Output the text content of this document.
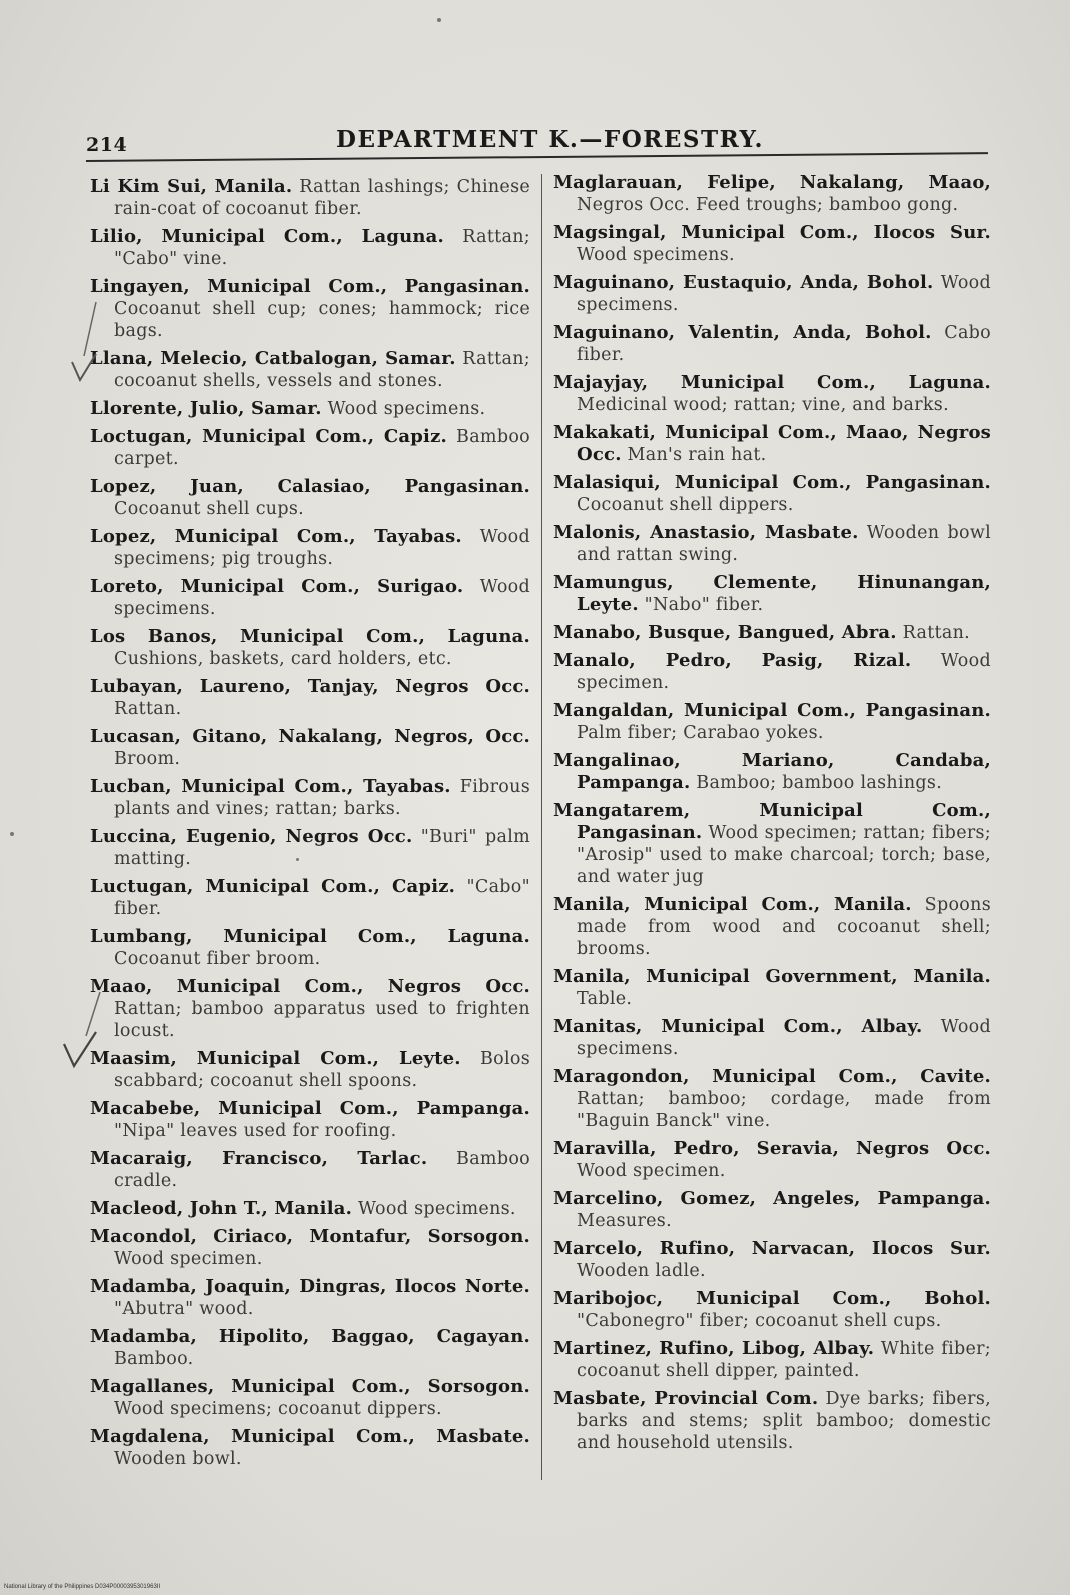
214	DEPARTMENT K.—FORESTRY.

Li Kim Sui, Manila. Rattan lashings; Chinese rain-coat of cocoanut fiber.

Lilio, Municipal Com., Laguna. Rattan; "Cabo" vine.

Lingayen, Municipal Com., Pangasinan. Cocoanut shell cup; cones; hammock; rice bags.

Llana, Melecio, Catbalogan, Samar. Rattan; cocoanut shells, vessels and stones.

Llorente, Julio, Samar. Wood specimens.

Loctugan, Municipal Com., Capiz. Bamboo carpet.

Lopez, Juan, Calasiao, Pangasinan. Cocoanut shell cups.

Lopez, Municipal Com., Tayabas. Wood specimens; pig troughs.

Loreto, Municipal Com., Surigao. Wood specimens.

Los Banos, Municipal Com., Laguna. Cushions, baskets, card holders, etc.

Lubayan, Laureno, Tanjay, Negros Occ. Rattan.

Lucasan, Gitano, Nakalang, Negros, Occ. Broom.

Lucban, Municipal Com., Tayabas. Fibrous plants and vines; rattan; barks.

Luccina, Eugenio, Negros Occ. "Buri" palm matting.

Luctugan, Municipal Com., Capiz. "Cabo" fiber.

Lumbang, Municipal Com., Laguna. Cocoanut fiber broom.

Maao, Municipal Com., Negros Occ. Rattan; bamboo apparatus used to frighten locust.

Maasim, Municipal Com., Leyte. Bolos scabbard; cocoanut shell spoons.

Macabebe, Municipal Com., Pampanga. "Nipa" leaves used for roofing.

Macaraig, Francisco, Tarlac. Bamboo cradle.

Macleod, John T., Manila. Wood specimens.

Macondol, Ciriaco, Montafur, Sorsogon. Wood specimen.

Madamba, Joaquin, Dingras, Ilocos Norte. "Abutra" wood.

Madamba, Hipolito, Baggao, Cagayan. Bamboo.

Magallanes, Municipal Com., Sorsogon. Wood specimens; cocoanut dippers.

Magdalena, Municipal Com., Masbate. Wooden bowl.

Maglarauan, Felipe, Nakalang, Maao, Negros Occ. Feed troughs; bamboo gong.

Magsingal, Municipal Com., Ilocos Sur. Wood specimens.

Maguinano, Eustaquio, Anda, Bohol. Wood specimens.

Maguinano, Valentin, Anda, Bohol. Cabo fiber.

Majayjay, Municipal Com., Laguna. Medicinal wood; rattan; vine, and barks.

Makakati, Municipal Com., Maao, Negros Occ. Man's rain hat.

Malasiqui, Municipal Com., Pangasinan. Cocoanut shell dippers.

Malonis, Anastasio, Masbate. Wooden bowl and rattan swing.

Mamungus, Clemente, Hinunangan, Leyte. "Nabo" fiber.

Manabo, Busque, Bangued, Abra. Rattan.

Manalo, Pedro, Pasig, Rizal. Wood specimen.

Mangaldan, Municipal Com., Pangasinan. Palm fiber; Carabao yokes.

Mangalinao, Mariano, Candaba, Pampanga. Bamboo; bamboo lashings.

Mangatarem, Municipal Com., Pangasinan. Wood specimen; rattan; fibers; "Arosip" used to make charcoal; torch; base, and water jug

Manila, Municipal Com., Manila. Spoons made from wood and cocoanut shell; brooms.

Manila, Municipal Government, Manila. Table.

Manitas, Municipal Com., Albay. Wood specimens.

Maragondon, Municipal Com., Cavite. Rattan; bamboo; cordage, made from "Baguin Banck" vine.

Maravilla, Pedro, Seravia, Negros Occ. Wood specimen.

Marcelino, Gomez, Angeles, Pampanga. Measures.

Marcelo, Rufino, Narvacan, Ilocos Sur. Wooden ladle.

Maribojoc, Municipal Com., Bohol. "Cabonegro" fiber; cocoanut shell cups.

Martinez, Rufino, Libog, Albay. White fiber; cocoanut shell dipper, painted.

Masbate, Provincial Com. Dye barks; fibers, barks and stems; split bamboo; domestic and household utensils.

National Library of the Philippines D034P0000395301963II
